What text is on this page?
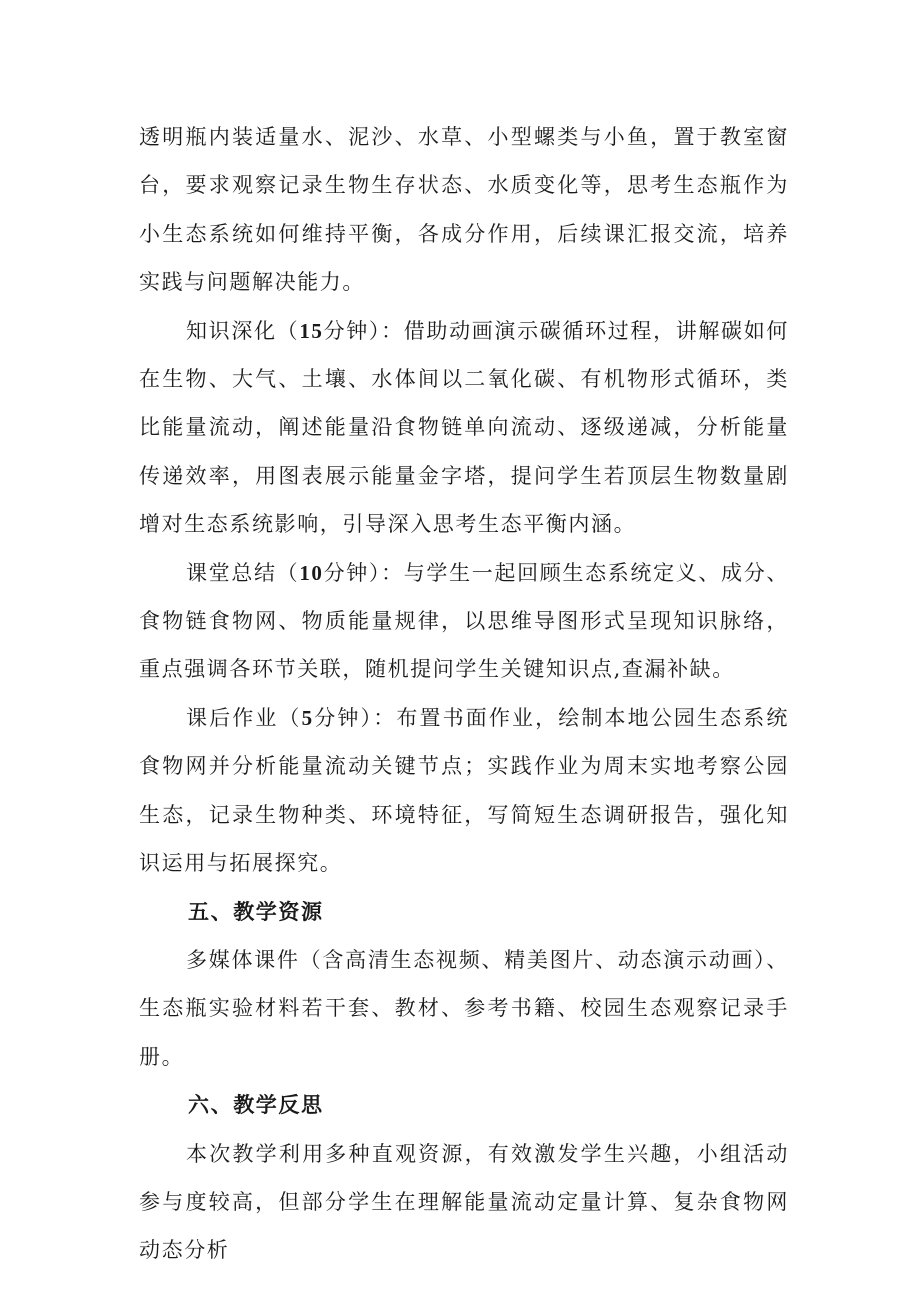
透明瓶内装适量水、泥沙、水草、小型螺类与小鱼，置于教室窗台，要求观察记录生物生存状态、水质变化等，思考生态瓶作为小生态系统如何维持平衡，各成分作用，后续课汇报交流，培养实践与问题解决能力。

知识深化（15分钟）：借助动画演示碳循环过程，讲解碳如何在生物、大气、土壤、水体间以二氧化碳、有机物形式循环，类比能量流动，阐述能量沿食物链单向流动、逐级递减，分析能量传递效率，用图表展示能量金字塔，提问学生若顶层生物数量剧增对生态系统影响，引导深入思考生态平衡内涵。

课堂总结（10分钟）：与学生一起回顾生态系统定义、成分、食物链食物网、物质能量规律，以思维导图形式呈现知识脉络，重点强调各环节关联，随机提问学生关键知识点,查漏补缺。

课后作业（5分钟）：布置书面作业，绘制本地公园生态系统食物网并分析能量流动关键节点；实践作业为周末实地考察公园生态，记录生物种类、环境特征，写简短生态调研报告，强化知识运用与拓展探究。

五、教学资源

多媒体课件（含高清生态视频、精美图片、动态演示动画）、生态瓶实验材料若干套、教材、参考书籍、校园生态观察记录手册。

六、教学反思

本次教学利用多种直观资源，有效激发学生兴趣，小组活动参与度较高，但部分学生在理解能量流动定量计算、复杂食物网动态分析
